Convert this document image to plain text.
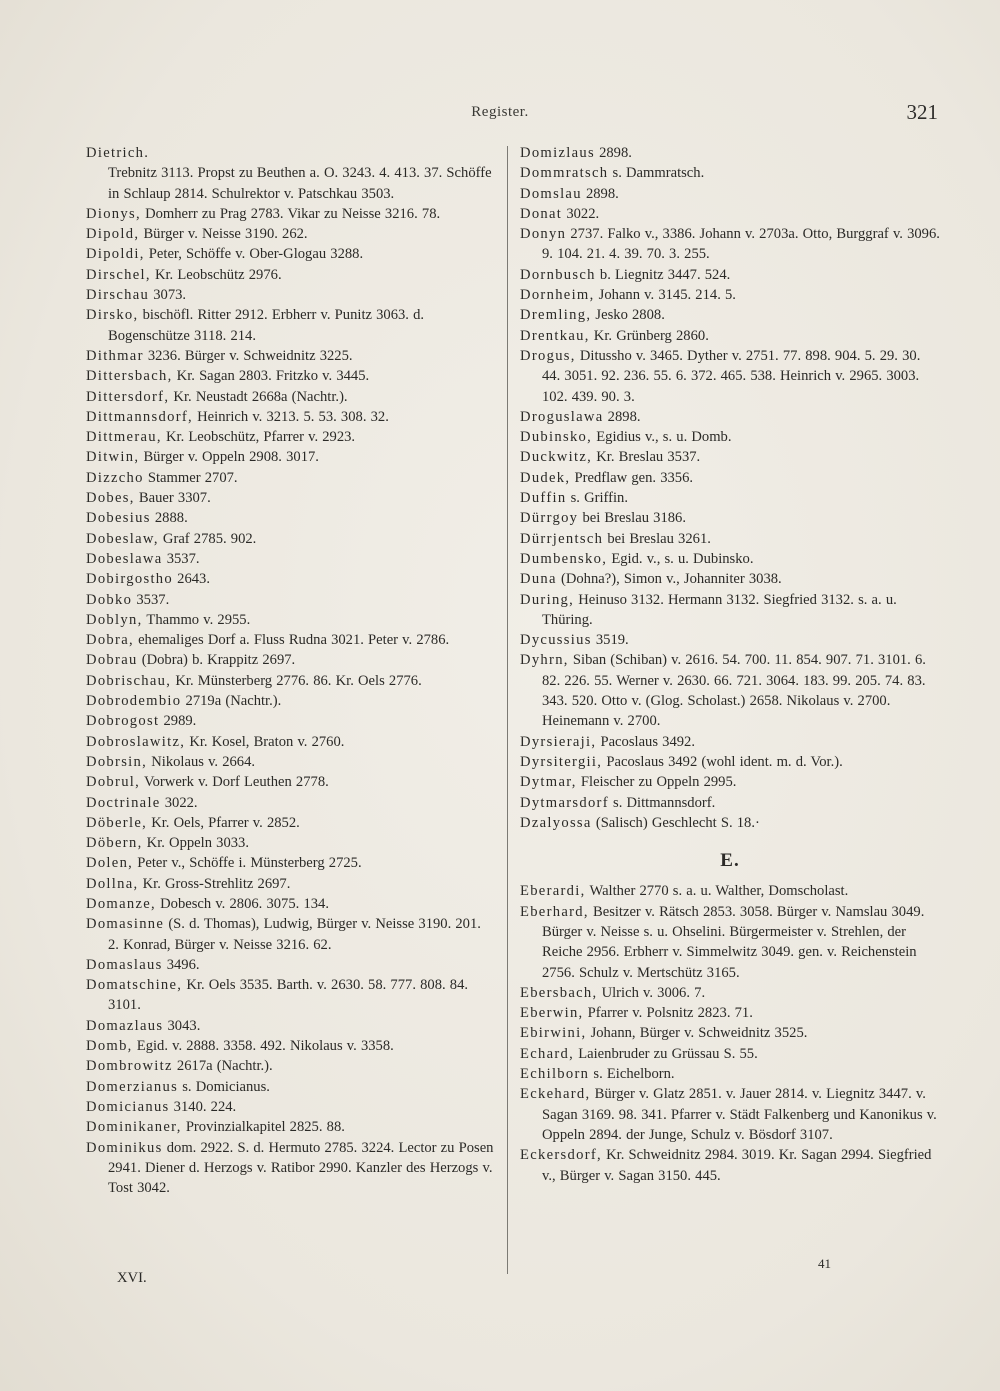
Register.	321

Dietrich.

Trebnitz 3113. Propst zu Beuthen a. O. 3243. 4. 413. 37. Schöffe in Schlaup 2814. Schulrektor v. Patschkau 3503.

Dionys, Domherr zu Prag 2783. Vikar zu Neisse 3216. 78.

Dipold, Bürger v. Neisse 3190. 262.

Dipoldi, Peter, Schöffe v. Ober-Glogau 3288.

Dirschel, Kr. Leobschütz 2976.

Dirschau 3073.

Dirsko, bischöfl. Ritter 2912. Erbherr v. Punitz 3063. d. Bogenschütze 3118. 214.

Dithmar 3236. Bürger v. Schweidnitz 3225.

Dittersbach, Kr. Sagan 2803. Fritzko v. 3445.

Dittersdorf, Kr. Neustadt 2668a (Nachtr.).

Dittmannsdorf, Heinrich v. 3213. 5. 53. 308. 32.

Dittmerau, Kr. Leobschütz, Pfarrer v. 2923.

Ditwin, Bürger v. Oppeln 2908. 3017.

Dizzcho Stammer 2707.

Dobes, Bauer 3307.

Dobesius 2888.

Dobeslaw, Graf 2785. 902.

Dobeslawa 3537.

Dobirgostho 2643.

Dobko 3537.

Doblyn, Thammo v. 2955.

Dobra, ehemaliges Dorf a. Fluss Rudna 3021. Peter v. 2786.

Dobrau (Dobra) b. Krappitz 2697.

Dobrischau, Kr. Münsterberg 2776. 86. Kr. Oels 2776.

Dobrodembio 2719a (Nachtr.).

Dobrogost 2989.

Dobroslawitz, Kr. Kosel, Braton v. 2760.

Dobrsin, Nikolaus v. 2664.

Dobrul, Vorwerk v. Dorf Leuthen 2778.

Doctrinale 3022.

Döberle, Kr. Oels, Pfarrer v. 2852.

Döbern, Kr. Oppeln 3033.

Dolen, Peter v., Schöffe i. Münsterberg 2725.

Dollna, Kr. Gross-Strehlitz 2697.

Domanze, Dobesch v. 2806. 3075. 134.

Domasinne (S. d. Thomas), Ludwig, Bürger v. Neisse 3190. 201. 2. Konrad, Bürger v. Neisse 3216. 62.

Domaslaus 3496.

Domatschine, Kr. Oels 3535. Barth. v. 2630. 58. 777. 808. 84. 3101.

Domazlaus 3043.

Domb, Egid. v. 2888. 3358. 492. Nikolaus v. 3358.

Dombrowitz 2617a (Nachtr.).

Domerzianus s. Domicianus.

Domicianus 3140. 224.

Dominikaner, Provinzialkapitel 2825. 88.

Dominikus dom. 2922. S. d. Hermuto 2785. 3224. Lector zu Posen 2941. Diener d. Herzogs v. Ratibor 2990. Kanzler des Herzogs v. Tost 3042.

Domizlaus 2898.

Dommratsch s. Dammratsch.

Domslau 2898.

Donat 3022.

Donyn 2737. Falko v., 3386. Johann v. 2703a. Otto, Burggraf v. 3096. 9. 104. 21. 4. 39. 70. 3. 255.

Dornbusch b. Liegnitz 3447. 524.

Dornheim, Johann v. 3145. 214. 5.

Dremling, Jesko 2808.

Drentkau, Kr. Grünberg 2860.

Drogus, Ditussho v. 3465. Dyther v. 2751. 77. 898. 904. 5. 29. 30. 44. 3051. 92. 236. 55. 6. 372. 465. 538. Heinrich v. 2965. 3003. 102. 439. 90. 3.

Droguslawa 2898.

Dubinsko, Egidius v., s. u. Domb.

Duckwitz, Kr. Breslau 3537.

Dudek, Predflaw gen. 3356.

Duffin s. Griffin.

Dürrgoy bei Breslau 3186.

Dürrjentsch bei Breslau 3261.

Dumbensko, Egid. v., s. u. Dubinsko.

Duna (Dohna?), Simon v., Johanniter 3038.

During, Heinuso 3132. Hermann 3132. Siegfried 3132. s. a. u. Thüring.

Dycussius 3519.

Dyhrn, Siban (Schiban) v. 2616. 54. 700. 11. 854. 907. 71. 3101. 6. 82. 226. 55. Werner v. 2630. 66. 721. 3064. 183. 99. 205. 74. 83. 343. 520. Otto v. (Glog. Scholast.) 2658. Nikolaus v. 2700. Heinemann v. 2700.

Dyrsieraji, Pacoslaus 3492.

Dyrsitergii, Pacoslaus 3492 (wohl ident. m. d. Vor.).

Dytmar, Fleischer zu Oppeln 2995.

Dytmarsdorf s. Dittmannsdorf.

Dzalyossa (Salisch) Geschlecht S. 18.·

E.

Eberardi, Walther 2770 s. a. u. Walther, Domscholast.

Eberhard, Besitzer v. Rätsch 2853. 3058. Bürger v. Namslau 3049. Bürger v. Neisse s. u. Ohselini. Bürgermeister v. Strehlen, der Reiche 2956. Erbherr v. Simmelwitz 3049. gen. v. Reichenstein 2756. Schulz v. Mertschütz 3165.

Ebersbach, Ulrich v. 3006. 7.

Eberwin, Pfarrer v. Polsnitz 2823. 71.

Ebirwini, Johann, Bürger v. Schweidnitz 3525.

Echard, Laienbruder zu Grüssau S. 55.

Echilborn s. Eichelborn.

Eckehard, Bürger v. Glatz 2851. v. Jauer 2814. v. Liegnitz 3447. v. Sagan 3169. 98. 341. Pfarrer v. Städt Falkenberg und Kanonikus v. Oppeln 2894. der Junge, Schulz v. Bösdorf 3107.

Eckersdorf, Kr. Schweidnitz 2984. 3019. Kr. Sagan 2994. Siegfried v., Bürger v. Sagan 3150. 445.

XVI.
41
